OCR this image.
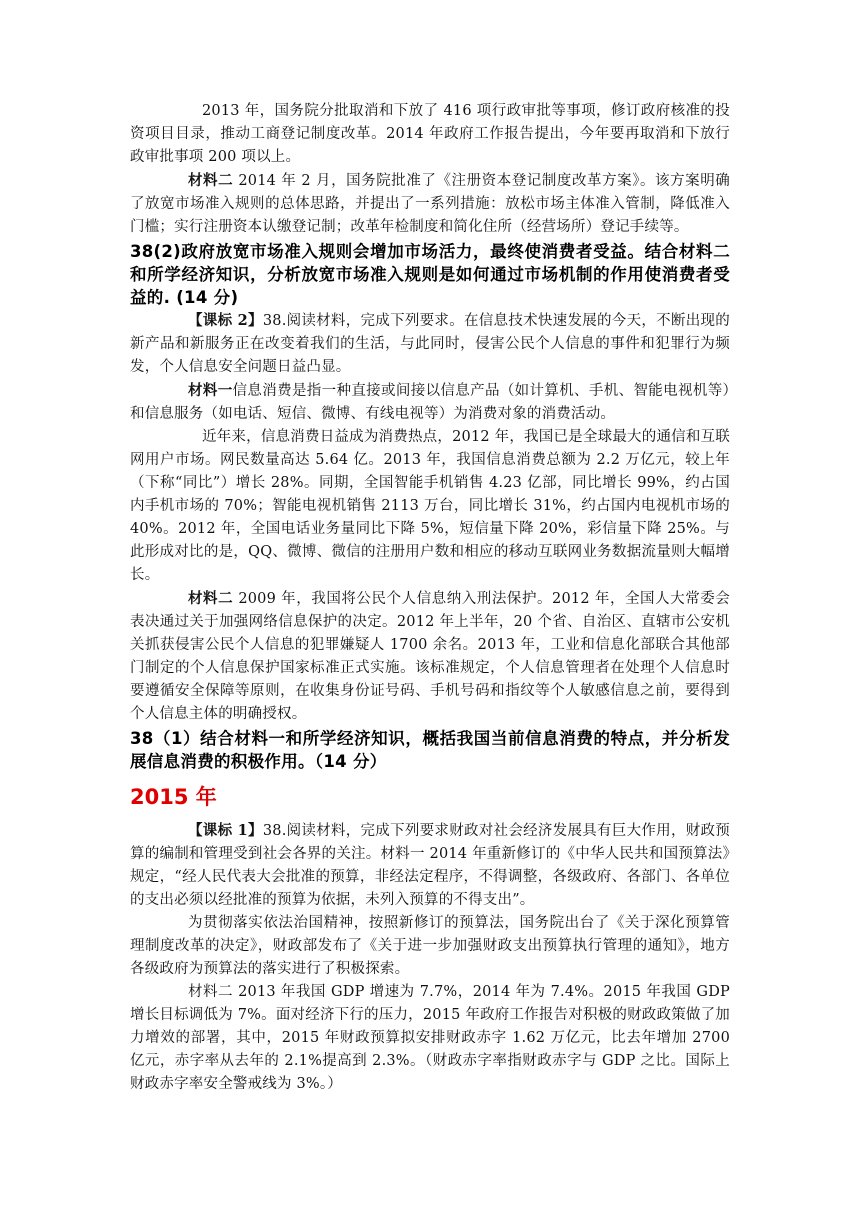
2013 年，国务院分批取消和下放了 416 项行政审批等事项，修订政府核准的投资项目目录，推动工商登记制度改革。2014 年政府工作报告提出，今年要再取消和下放行政审批事项 200 项以上。

材料二 2014 年 2 月，国务院批准了《注册资本登记制度改革方案》。该方案明确了放宽市场准入规则的总体思路，并提出了一系列措施：放松市场主体准入管制，降低准入门槛；实行注册资本认缴登记制；改革年检制度和简化住所（经营场所）登记手续等。

38(2)政府放宽市场准入规则会增加市场活力，最终使消费者受益。结合材料二和所学经济知识，分析放宽市场准入规则是如何通过市场机制的作用使消费者受益的. (14 分)

【课标 2】38.阅读材料，完成下列要求。在信息技术快速发展的今天，不断出现的新产品和新服务正在改变着我们的生活，与此同时，侵害公民个人信息的事件和犯罪行为频发，个人信息安全问题日益凸显。

材料一信息消费是指一种直接或间接以信息产品（如计算机、手机、智能电视机等）和信息服务（如电话、短信、微博、有线电视等）为消费对象的消费活动。

近年来，信息消费日益成为消费热点，2012 年，我国已是全球最大的通信和互联网用户市场。网民数量高达 5.64 亿。2013 年，我国信息消费总额为 2.2 万亿元，较上年（下称“同比”）增长 28%。同期，全国智能手机销售 4.23 亿部，同比增长 99%，约占国内手机市场的 70%；智能电视机销售 2113 万台，同比增长 31%，约占国内电视机市场的 40%。2012 年，全国电话业务量同比下降 5%，短信量下降 20%，彩信量下降 25%。与此形成对比的是，QQ、微博、微信的注册用户数和相应的移动互联网业务数据流量则大幅增长。

材料二 2009 年，我国将公民个人信息纳入刑法保护。2012 年，全国人大常委会表决通过关于加强网络信息保护的决定。2012 年上半年，20 个省、自治区、直辖市公安机关抓获侵害公民个人信息的犯罪嫌疑人 1700 余名。2013 年，工业和信息化部联合其他部门制定的个人信息保护国家标准正式实施。该标准规定，个人信息管理者在处理个人信息时要遵循安全保障等原则，在收集身份证号码、手机号码和指纹等个人敏感信息之前，要得到个人信息主体的明确授权。

38（1）结合材料一和所学经济知识，概括我国当前信息消费的特点，并分析发展信息消费的积极作用。（14 分）

2015 年

【课标 1】38.阅读材料，完成下列要求财政对社会经济发展具有巨大作用，财政预算的编制和管理受到社会各界的关注。材料一 2014 年重新修订的《中华人民共和国预算法》规定，“经人民代表大会批准的预算，非经法定程序，不得调整，各级政府、各部门、各单位的支出必须以经批准的预算为依据，未列入预算的不得支出”。

为贯彻落实依法治国精神，按照新修订的预算法，国务院出台了《关于深化预算管理制度改革的决定》，财政部发布了《关于进一步加强财政支出预算执行管理的通知》，地方各级政府为预算法的落实进行了积极探索。

材料二 2013 年我国 GDP 增速为 7.7%，2014 年为 7.4%。2015 年我国 GDP 增长目标调低为 7%。面对经济下行的压力，2015 年政府工作报告对积极的财政政策做了加力增效的部署，其中，2015 年财政预算拟安排财政赤字 1.62 万亿元，比去年增加 2700 亿元，赤字率从去年的 2.1%提高到 2.3%。（财政赤字率指财政赤字与 GDP 之比。国际上财政赤字率安全警戒线为 3%。）
